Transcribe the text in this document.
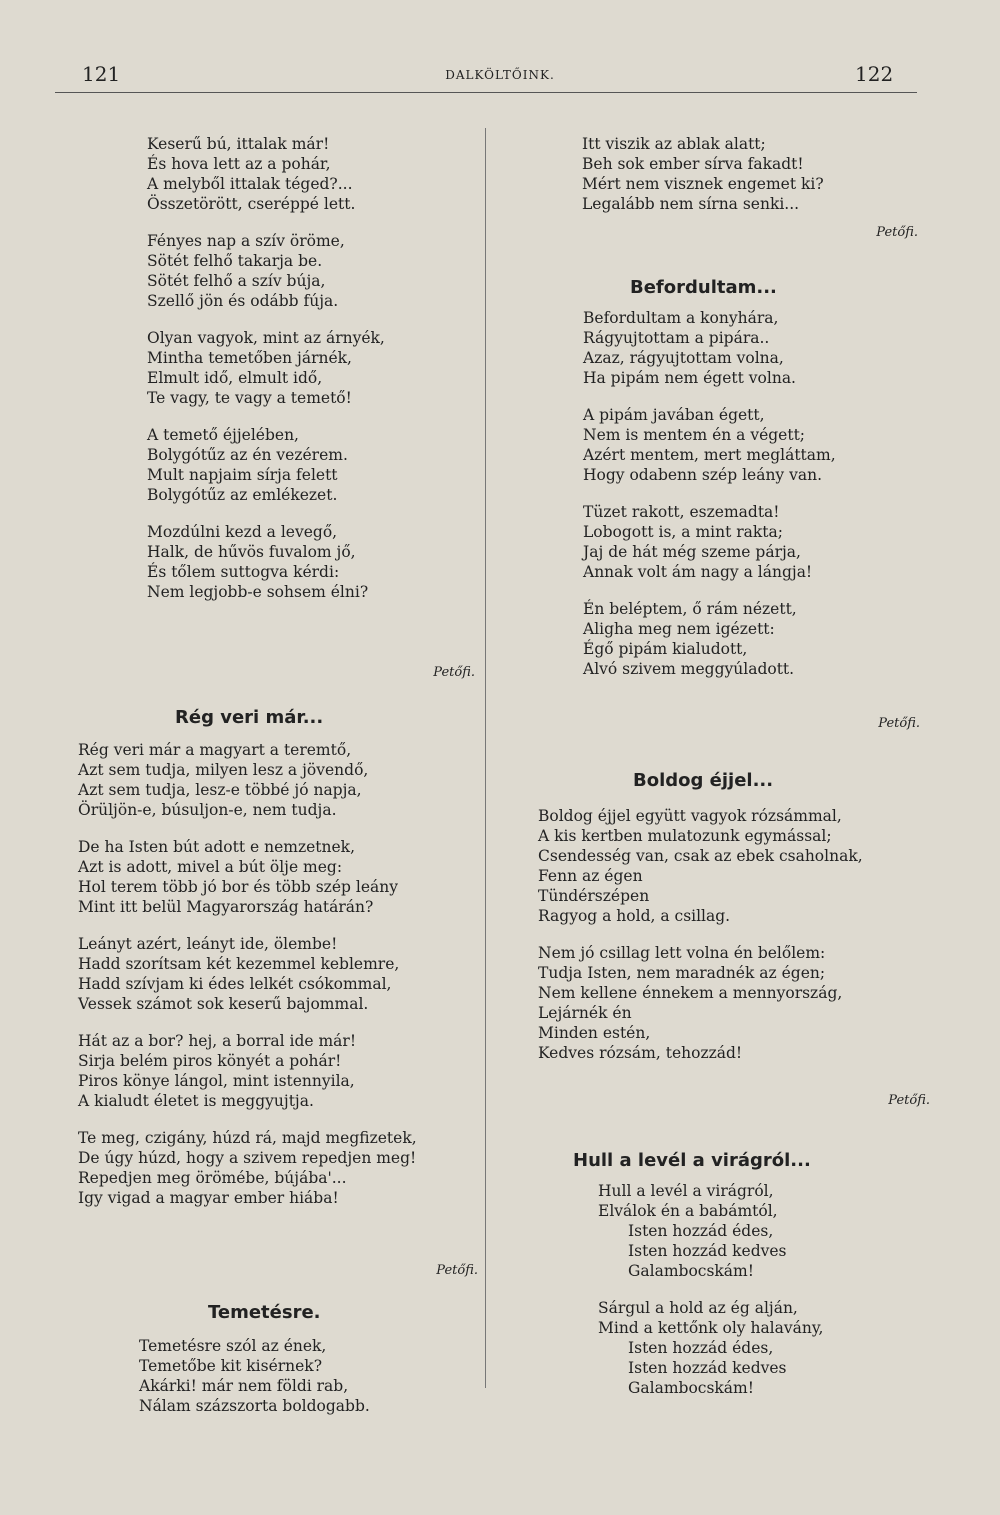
121	DALKÖLTŐINK.	122
Keserű bú, ittalak már!
És hova lett az a pohár,
A melyből ittalak téged?...
Összetörött, cseréppé lett.
Fényes nap a szív öröme,
Sötét felhő takarja be.
Sötét felhő a szív búja,
Szellő jön és odább fúja.
Olyan vagyok, mint az árnyék,
Mintha temetőben járnék,
Elmult idő, elmult idő,
Te vagy, te vagy a temető!
A temető éjjelében,
Bolygótűz az én vezérem.
Mult napjaim sírja felett
Bolygótűz az emlékezet.
Mozdúlni kezd a levegő,
Halk, de hűvös fuvalom jő,
És tőlem suttogva kérdi:
Nem legjobb-e sohsem élni?
Petőfi.
Rég veri már...
Rég veri már a magyart a teremtő,
Azt sem tudja, milyen lesz a jövendő,
Azt sem tudja, lesz-e többé jó napja,
Örüljön-e, búsuljon-e, nem tudja.
De ha Isten bút adott e nemzetnek,
Azt is adott, mivel a bút ölje meg:
Hol terem több jó bor és több szép leány
Mint itt belül Magyarország határán?
Leányt azért, leányt ide, ölembe!
Hadd szorítsam két kezemmel keblemre,
Hadd szívjam ki édes lelkét csókommal,
Vessek számot sok keserű bajommal.
Hát az a bor? hej, a borral ide már!
Sirja belém piros könyét a pohár!
Piros könye lángol, mint istennyila,
A kialudt életet is meggyujtja.
Te meg, czigány, húzd rá, majd megfizetek,
De úgy húzd, hogy a szivem repedjen meg!
Repedjen meg örömébe, bújába'...
Igy vigad a magyar ember hiába!
Petőfi.
Temetésre.
Temetésre szól az ének,
Temetőbe kit kisérnek?
Akárki! már nem földi rab,
Nálam százszorta boldogabb.
Itt viszik az ablak alatt;
Beh sok ember sírva fakadt!
Mért nem visznek engemet ki?
Legalább nem sírna senki...
Petőfi.
Befordultam...
Befordultam a konyhára,
Rágyujtottam a pipára..
Azaz, rágyujtottam volna,
Ha pipám nem égett volna.
A pipám javában égett,
Nem is mentem én a végett;
Azért mentem, mert megláttam,
Hogy odabenn szép leány van.
Tüzet rakott, eszemadta!
Lobogott is, a mint rakta;
Jaj de hát még szeme párja,
Annak volt ám nagy a lángja!
Én beléptem, ő rám nézett,
Aligha meg nem igézett:
Égő pipám kialudott,
Alvó szivem meggyúladott.
Petőfi.
Boldog éjjel...
Boldog éjjel együtt vagyok rózsámmal,
A kis kertben mulatozunk egymással;
Csendesség van, csak az ebek csaholnak,
Fenn az égen
Tündérszépen
Ragyog a hold, a csillag.
Nem jó csillag lett volna én belőlem:
Tudja Isten, nem maradnék az égen;
Nem kellene énnekem a mennyország,
Lejárnék én
Minden estén,
Kedves rózsám, tehozzád!
Petőfi.
Hull a levél a virágról...
Hull a levél a virágról,
Elválok én a babámtól,
Isten hozzád édes,
Isten hozzád kedves
Galambocskám!
Sárgul a hold az ég alján,
Mind a kettőnk oly halavány,
Isten hozzád édes,
Isten hozzád kedves
Galambocskám!
